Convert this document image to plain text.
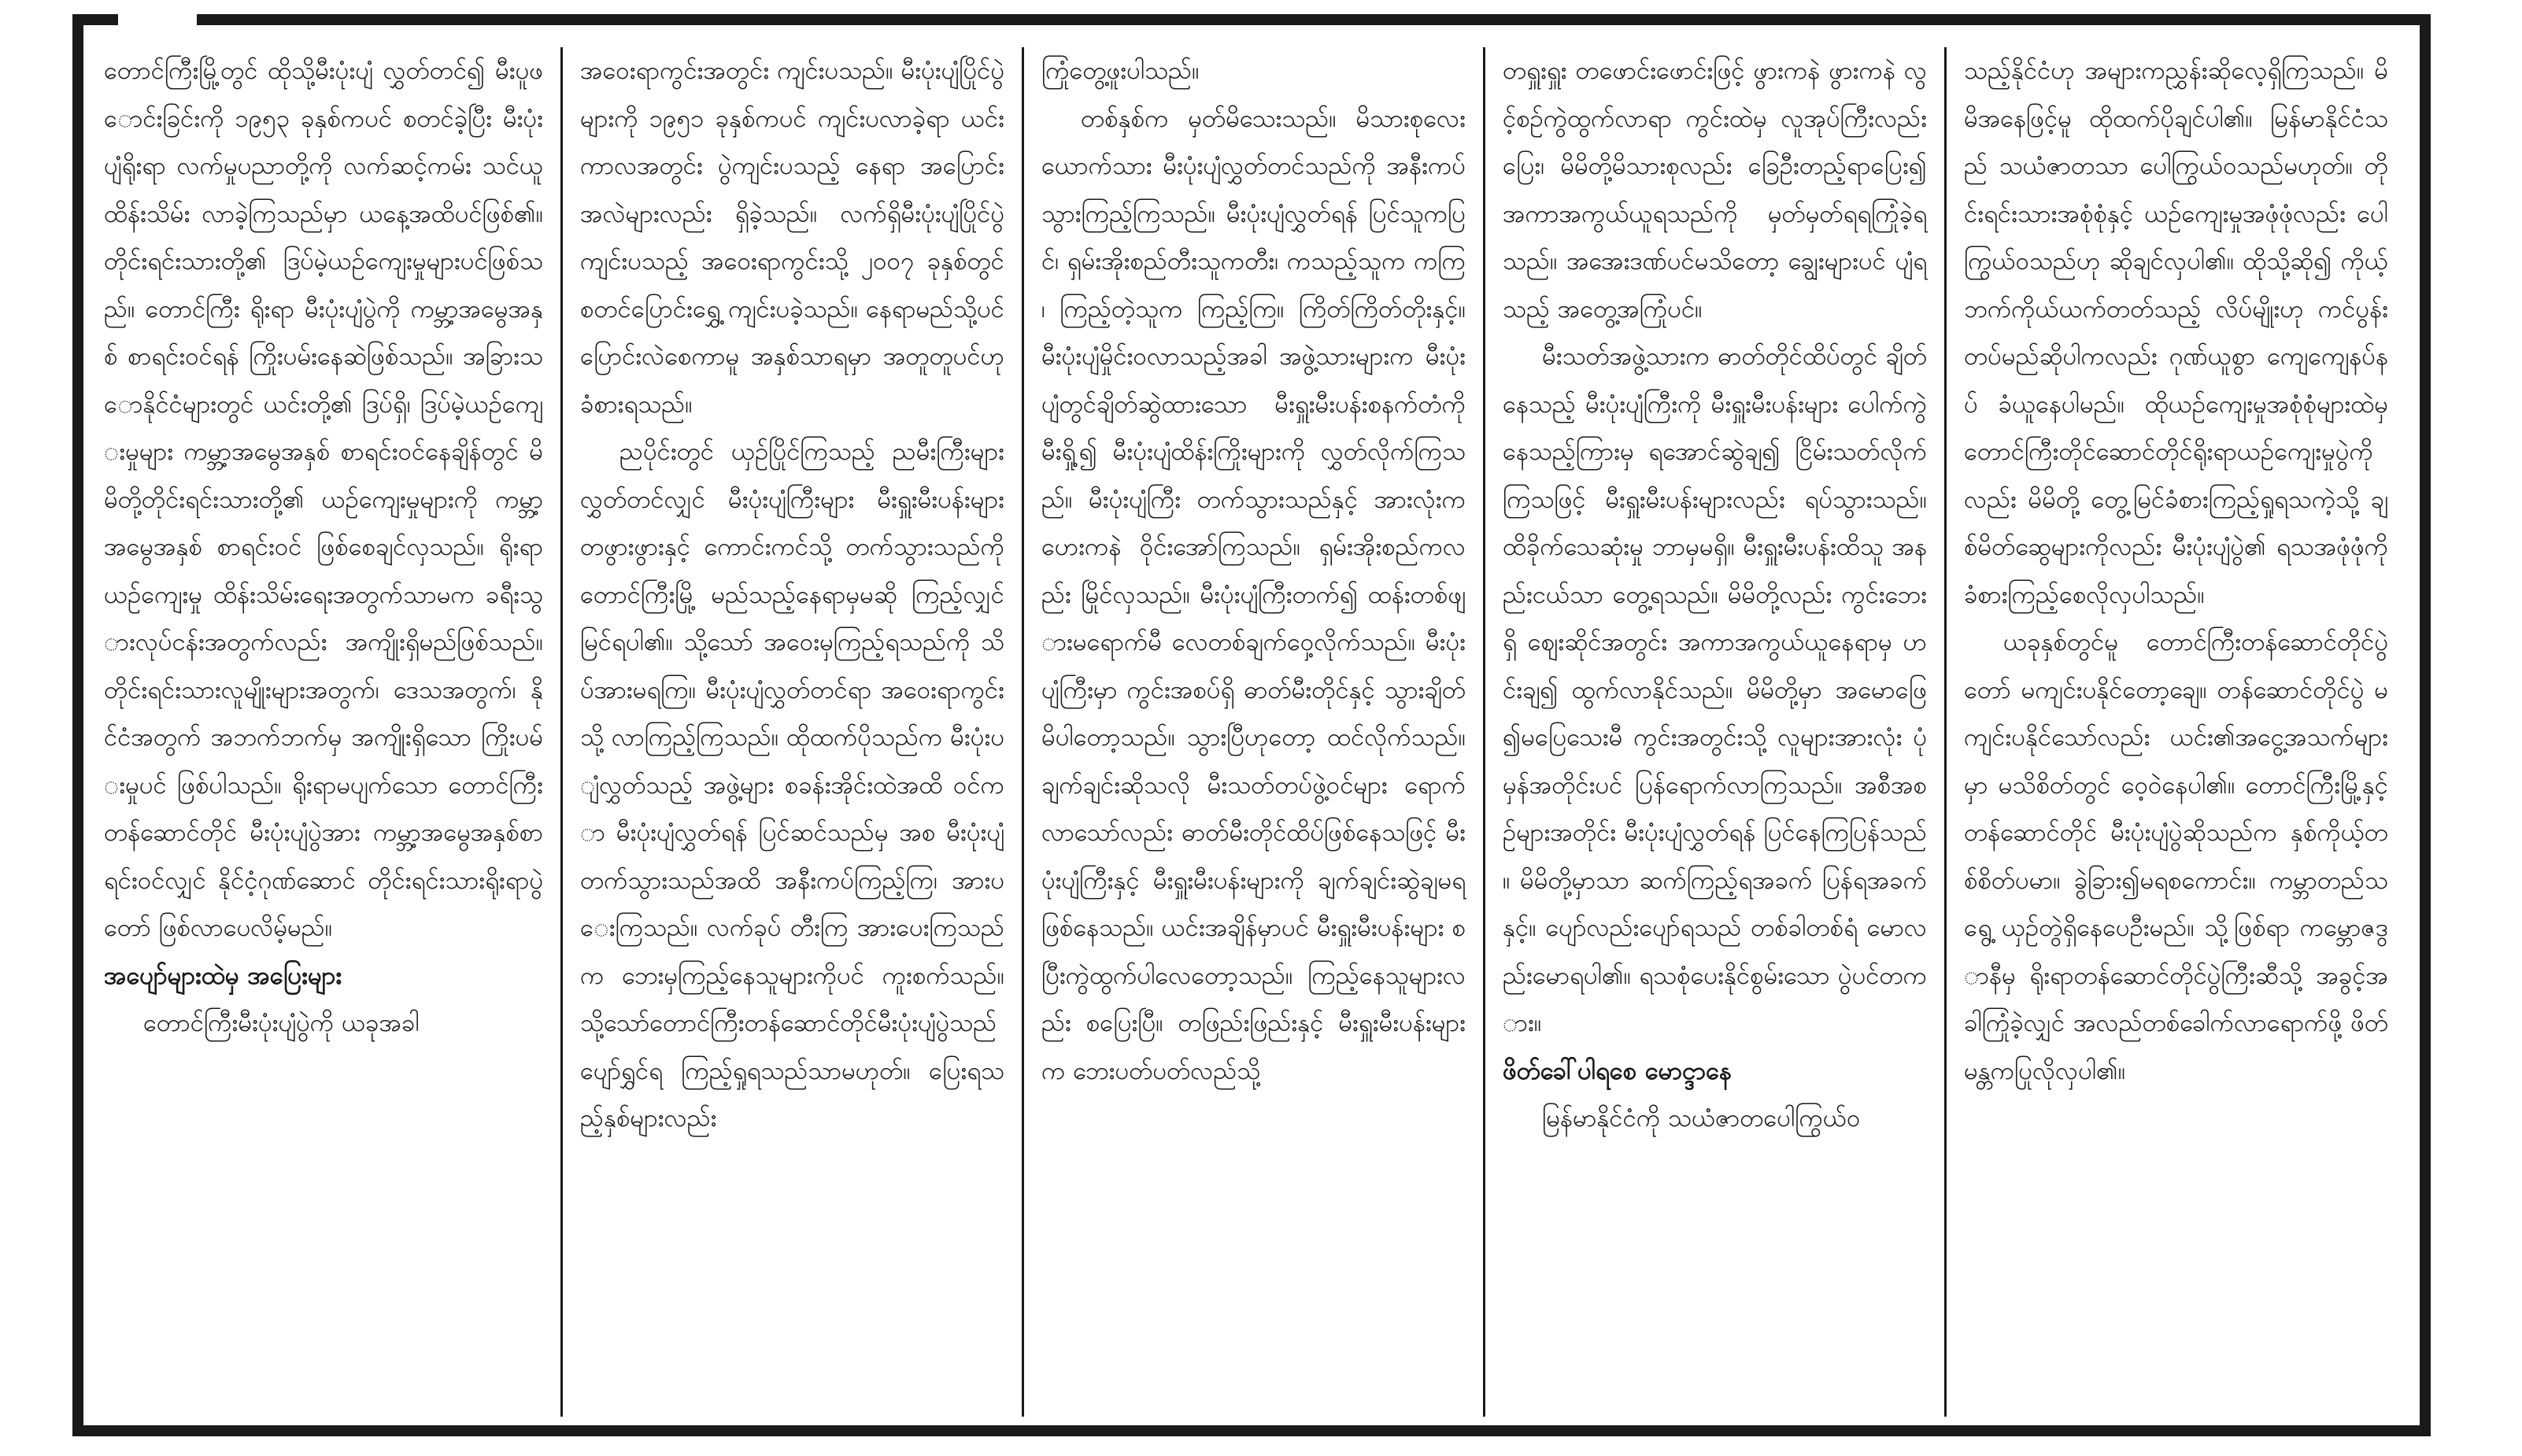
တောင်ကြီးမြို့တွင် ထိုသို့မီးပုံးပျံ လွှတ်တင်၍ မီးပူဖောင်းခြင်းကို ၁၉၅၃ ခုနှစ်ကပင် စတင်ခဲ့ပြီး မီးပုံးပျံရိုးရာ လက်မှုပညာတို့ကို လက်ဆင့်ကမ်း သင်ယူထိန်းသိမ်း လာခဲ့ကြသည်မှာ ယနေ့အထိပင်ဖြစ်၏။ တိုင်းရင်းသားတို့၏ ဒြပ်မဲ့ယဉ်ကျေးမှုများပင်ဖြစ်သည်။ တောင်ကြီး ရိုးရာ မီးပုံးပျံပွဲကို ကမ္ဘာ့အမွေအနှစ် စာရင်းဝင်ရန် ကြိုးပမ်းနေဆဲဖြစ်သည်။ အခြားသောနိုင်ငံများတွင် ယင်းတို့၏ ဒြပ်ရှိ၊ ဒြပ်မဲ့ယဉ်ကျေးမှုများ ကမ္ဘာ့အမွေအနှစ် စာရင်းဝင်နေချိန်တွင် မိမိတို့တိုင်းရင်းသားတို့၏ ယဉ်ကျေးမှုများကို ကမ္ဘာ့အမွေအနှစ် စာရင်းဝင် ဖြစ်စေချင်လှသည်။ ရိုးရာယဉ်ကျေးမှု ထိန်းသိမ်းရေးအတွက်သာမက ခရီးသွားလုပ်ငန်းအတွက်လည်း အကျိုးရှိမည်ဖြစ်သည်။ တိုင်းရင်းသားလူမျိုးများအတွက်၊ ဒေသအတွက်၊ နိုင်ငံအတွက် အဘက်ဘက်မှ အကျိုးရှိသော ကြိုးပမ်းမှုပင် ဖြစ်ပါသည်။ ရိုးရာမပျက်သော တောင်ကြီးတန်ဆောင်တိုင် မီးပုံးပျံပွဲအား ကမ္ဘာ့အမွေအနှစ်စာရင်းဝင်လျှင် နိုင်ငံ့ဂုဏ်ဆောင် တိုင်းရင်းသားရိုးရာပွဲတော် ဖြစ်လာပေလိမ့်မည်။

အပျော်များထဲမှ အပြေးများ

တောင်ကြီးမီးပုံးပျံပွဲကို ယခုအခါ

အဝေးရာကွင်းအတွင်း ကျင်းပသည်။ မီးပုံးပျံပြိုင်ပွဲများကို ၁၉၅၁ ခုနှစ်ကပင် ကျင်းပလာခဲ့ရာ ယင်းကာလအတွင်း ပွဲကျင်းပသည့် နေရာ အပြောင်းအလဲများလည်း ရှိခဲ့သည်။ လက်ရှိမီးပုံးပျံပြိုင်ပွဲ ကျင်းပသည့် အဝေးရာကွင်းသို့ ၂၀၀၇ ခုနှစ်တွင် စတင်ပြောင်းရွှေ့ ကျင်းပခဲ့သည်။ နေရာမည်သို့ပင် ပြောင်းလဲစေကာမူ အနှစ်သာရမှာ အတူတူပင်ဟု ခံစားရသည်။

ညပိုင်းတွင် ယှဉ်ပြိုင်ကြသည့် ညမီးကြီးများ လွှတ်တင်လျှင် မီးပုံးပျံကြီးများ မီးရှူးမီးပန်းများ တဖွားဖွားနှင့် ကောင်းကင်သို့ တက်သွားသည်ကို တောင်ကြီးမြို့ မည်သည့်နေရာမှမဆို ကြည့်လျှင် မြင်ရပါ၏။ သို့သော် အဝေးမှကြည့်ရသည်ကို သိပ်အားမရကြ။ မီးပုံးပျံလွှတ်တင်ရာ အဝေးရာကွင်းသို့ လာကြည့်ကြသည်။ ထိုထက်ပိုသည်က မီးပုံးပျံလွှတ်သည့် အဖွဲ့များ စခန်းအိုင်းထဲအထိ ဝင်ကာ မီးပုံးပျံလွှတ်ရန် ပြင်ဆင်သည်မှ အစ မီးပုံးပျံတက်သွားသည်အထိ အနီးကပ်ကြည့်ကြ၊ အားပေးကြသည်။ လက်ခုပ် တီးကြ အားပေးကြသည်က ဘေးမှကြည့်နေသူများကိုပင် ကူးစက်သည်။ သို့သော်တောင်ကြီးတန်ဆောင်တိုင်မီးပုံးပျံပွဲသည် ပျော်ရွှင်ရ ကြည့်ရှုရသည်သာမဟုတ်။ ပြေးရသည့်နှစ်များလည်း

ကြုံတွေ့ဖူးပါသည်။

တစ်နှစ်က မှတ်မိသေးသည်။ မိသားစုလေးယောက်သား မီးပုံးပျံလွှတ်တင်သည်ကို အနီးကပ် သွားကြည့်ကြသည်။ မီးပုံးပျံလွှတ်ရန် ပြင်သူကပြင်၊ ရှမ်းအိုးစည်တီးသူကတီး၊ ကသည့်သူက ကကြ၊ ကြည့်တဲ့သူက ကြည့်ကြ။ ကြိတ်ကြိတ်တိုးနှင့်။ မီးပုံးပျံမှိုင်းဝလာသည့်အခါ အဖွဲ့သားများက မီးပုံးပျံတွင်ချိတ်ဆွဲထားသော မီးရှူးမီးပန်းစနက်တံကို မီးရှို့၍ မီးပုံးပျံထိန်းကြိုးများကို လွှတ်လိုက်ကြသည်။ မီးပုံးပျံကြီး တက်သွားသည်နှင့် အားလုံးက ဟေးကနဲ ဝိုင်းအော်ကြသည်။ ရှမ်းအိုးစည်ကလည်း မြိုင်လှသည်။ မီးပုံးပျံကြီးတက်၍ ထန်းတစ်ဖျားမရောက်မီ လေတစ်ချက်ဝှေ့လိုက်သည်။ မီးပုံးပျံကြီးမှာ ကွင်းအစပ်ရှိ ဓာတ်မီးတိုင်နှင့် သွားချိတ်မိပါတော့သည်။ သွားပြီဟုတော့ ထင်လိုက်သည်။ ချက်ချင်းဆိုသလို မီးသတ်တပ်ဖွဲ့ဝင်များ ရောက်လာသော်လည်း ဓာတ်မီးတိုင်ထိပ်ဖြစ်နေသဖြင့် မီးပုံးပျံကြီးနှင့် မီးရှူးမီးပန်းများကို ချက်ချင်းဆွဲချမရ ဖြစ်နေသည်။ ယင်းအချိန်မှာပင် မီးရှူးမီးပန်းများ စပြီးကွဲထွက်ပါလေတော့သည်။ ကြည့်နေသူများလည်း စပြေးပြီ။ တဖြည်းဖြည်းနှင့် မီးရှူးမီးပန်းများက ဘေးပတ်ပတ်လည်သို့

တရှူးရှူး တဖောင်းဖောင်းဖြင့် ဖွားကနဲ ဖွားကနဲ လွင့်စဉ်ကွဲထွက်လာရာ ကွင်းထဲမှ လူအုပ်ကြီးလည်းပြေး၊ မိမိတို့မိသားစုလည်း ခြေဦးတည့်ရာပြေး၍ အကာအကွယ်ယူရသည်ကို မှတ်မှတ်ရရကြုံခဲ့ရသည်။ အအေးဒဏ်ပင်မသိတော့ ချွေးများပင် ပျံရသည့် အတွေ့အကြုံပင်။

မီးသတ်အဖွဲ့သားက ဓာတ်တိုင်ထိပ်တွင် ချိတ်နေသည့် မီးပုံးပျံကြီးကို မီးရှူးမီးပန်းများ ပေါက်ကွဲနေသည့်ကြားမှ ရအောင်ဆွဲချ၍ ငြိမ်းသတ်လိုက်ကြသဖြင့် မီးရှူးမီးပန်းများလည်း ရပ်သွားသည်။ ထိခိုက်သေဆုံးမှု ဘာမှမရှိ။ မီးရှူးမီးပန်းထိသူ အနည်းငယ်သာ တွေ့ရသည်။ မိမိတို့လည်း ကွင်းဘေးရှိ ဈေးဆိုင်အတွင်း အကာအကွယ်ယူနေရာမှ ဟင်းချ၍ ထွက်လာနိုင်သည်။ မိမိတို့မှာ အမောဖြေ၍မပြေသေးမီ ကွင်းအတွင်းသို့ လူများအားလုံး ပုံမှန်အတိုင်းပင် ပြန်ရောက်လာကြသည်။ အစီအစဉ်များအတိုင်း မီးပုံးပျံလွှတ်ရန် ပြင်နေကြပြန်သည်။ မိမိတို့မှာသာ ဆက်ကြည့်ရအခက် ပြန်ရအခက်နှင့်။ ပျော်လည်းပျော်ရသည် တစ်ခါတစ်ရံ မောလည်းမောရပါ၏။ ရသစုံပေးနိုင်စွမ်းသော ပွဲပင်တကား။

ဖိတ်ခေါ်ပါရစေ မောင္ဒာနေ

မြန်မာနိုင်ငံကို သယံဇာတပေါကြွယ်ဝ

သည့်နိုင်ငံဟု အများကညွှန်းဆိုလေ့ရှိကြသည်။ မိမိအနေဖြင့်မူ ထိုထက်ပိုချင်ပါ၏။ မြန်မာနိုင်ငံသည် သယံဇာတသာ ပေါကြွယ်ဝသည်မဟုတ်။ တိုင်းရင်းသားအစုံစုံနှင့် ယဉ်ကျေးမှုအဖုံဖုံလည်း ပေါကြွယ်ဝသည်ဟု ဆိုချင်လှပါ၏။ ထိုသို့ဆို၍ ကိုယ့်ဘက်ကိုယ်ယက်တတ်သည့် လိပ်မျိုးဟု ကင်ပွန်းတပ်မည်ဆိုပါကလည်း ဂုဏ်ယူစွာ ကျေကျေနပ်နပ် ခံယူနေပါမည်။ ထိုယဉ်ကျေးမှုအစုံစုံများထဲမှ တောင်ကြီးတိုင်ဆောင်တိုင်ရိုးရာယဉ်ကျေးမှုပွဲကိုလည်း မိမိတို့ တွေ့မြင်ခံစားကြည့်ရှုရသကဲ့သို့ ချစ်မိတ်ဆွေများကိုလည်း မီးပုံးပျံပွဲ၏ ရသအဖုံဖုံကို ခံစားကြည့်စေလိုလှပါသည်။

ယခုနှစ်တွင်မူ တောင်ကြီးတန်ဆောင်တိုင်ပွဲတော် မကျင်းပနိုင်တော့ချေ။ တန်ဆောင်တိုင်ပွဲ မကျင်းပနိုင်သော်လည်း ယင်း၏အငွေ့အသက်များမှာ မသိစိတ်တွင် ဝေ့ဝဲနေပါ၏။ တောင်ကြီးမြို့နှင့် တန်ဆောင်တိုင် မီးပုံးပျံပွဲဆိုသည်က နှစ်ကိုယ့်တစ်စိတ်ပမာ။ ခွဲခြား၍မရစကောင်း။ ကမ္ဘာတည်သရွေ့ ယှဉ်တွဲရှိနေပေဦးမည်။ သို့ဖြစ်ရာ ကမ္ဘောဇဒွာနီမှ ရိုးရာတန်ဆောင်တိုင်ပွဲကြီးဆီသို့ အခွင့်အခါကြုံခဲ့လျှင် အလည်တစ်ခေါက်လာရောက်ဖို့ ဖိတ်မန္တကပြုလိုလှပါ၏။
